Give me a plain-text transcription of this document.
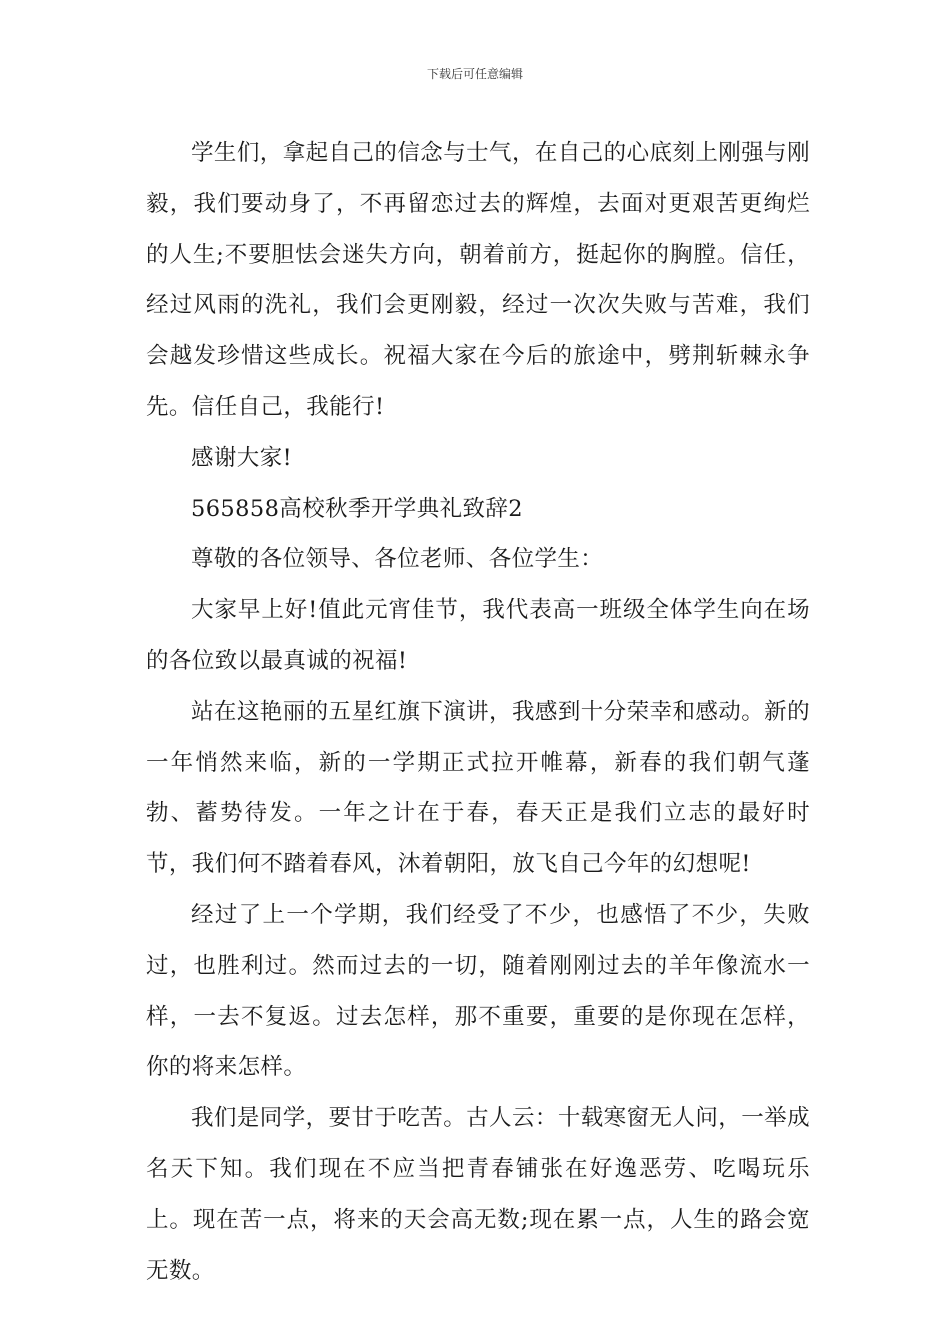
下载后可任意编辑

学生们，拿起自己的信念与士气，在自己的心底刻上刚强与刚毅，我们要动身了，不再留恋过去的辉煌，去面对更艰苦更绚烂的人生;不要胆怯会迷失方向，朝着前方，挺起你的胸膛。信任，经过风雨的洗礼，我们会更刚毅，经过一次次失败与苦难，我们会越发珍惜这些成长。祝福大家在今后的旅途中，劈荆斩棘永争先。信任自己，我能行!

感谢大家!

565858高校秋季开学典礼致辞2

尊敬的各位领导、各位老师、各位学生：

大家早上好!值此元宵佳节，我代表高一班级全体学生向在场的各位致以最真诚的祝福!

站在这艳丽的五星红旗下演讲，我感到十分荣幸和感动。新的一年悄然来临，新的一学期正式拉开帷幕，新春的我们朝气蓬勃、蓄势待发。一年之计在于春，春天正是我们立志的最好时节，我们何不踏着春风，沐着朝阳，放飞自己今年的幻想呢!

经过了上一个学期，我们经受了不少，也感悟了不少，失败过，也胜利过。然而过去的一切，随着刚刚过去的羊年像流水一样，一去不复返。过去怎样，那不重要，重要的是你现在怎样，你的将来怎样。

我们是同学，要甘于吃苦。古人云：十载寒窗无人问，一举成名天下知。我们现在不应当把青春铺张在好逸恶劳、吃喝玩乐上。现在苦一点，将来的天会高无数;现在累一点，人生的路会宽无数。
